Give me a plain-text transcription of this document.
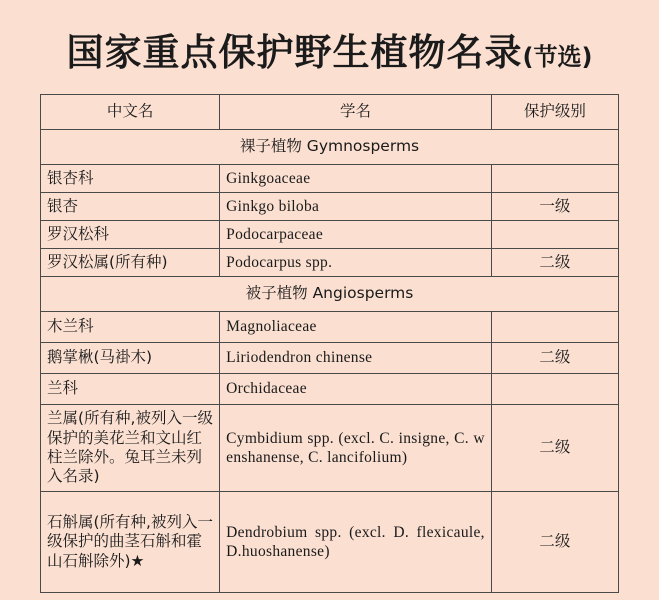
国家重点保护野生植物名录(节选)
中文名	学名	保护级别
裸子植物 Gymnosperms		
银杏科	Ginkgoaceae	
银杏	Ginkgo biloba	一级
罗汉松科	Podocarpaceae	
罗汉松属(所有种)	Podocarpus spp.	二级
被子植物 Angiosperms		
木兰科	Magnoliaceae	
鹅掌楸(马褂木)	Liriodendron chinense	二级
兰科	Orchidaceae	
兰属(所有种,被列入一级保护的美花兰和文山红柱兰除外。兔耳兰未列入名录)	Cymbidium spp. (excl. C. insigne, C. wenshanense, C. lancifolium)	二级
石斛属(所有种,被列入一级保护的曲茎石斛和霍山石斛除外)★	Dendrobium spp. (excl. D. flexicaule, D.huoshanense)	二级
